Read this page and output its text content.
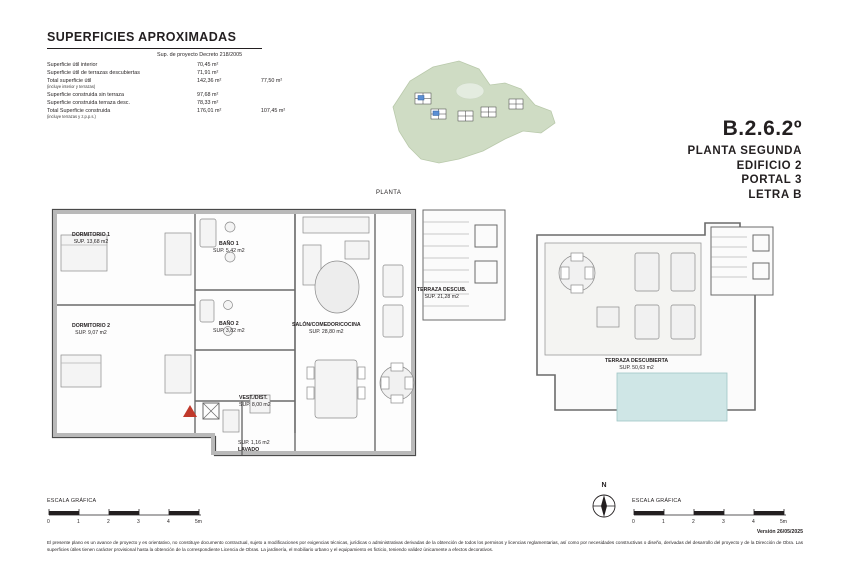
SUPERFICIES APROXIMADAS
Sup. de proyecto Decreto 218/2005
Superficie útil interior	70,45 m²	
Superficie útil de terrazas descubiertas	71,91 m²	
Total superficie útil
(incluye interior y terrazas)	142,36 m²	77,50 m²
Superficie construida sin terraza	97,68 m²	
Superficie construida terraza desc.	78,33 m²	
Total Superficie construida
(incluye terrazas y z.p.p.s.)	176,01 m²	107,45 m²
PLANTA
B.2.6.2º
PLANTA SEGUNDA
EDIFICIO 2
PORTAL 3
LETRA B
DORMITORIO 1
SUP. 13,68 m2
DORMITORIO 2
SUP. 9,07 m2
BAÑO 1
SUP. 5,42 m2
BAÑO 2
SUP. 3,82 m2
SALÓN/COMEDOR/COCINA
SUP. 28,80 m2
VEST./DIST.
SUP. 8,00 m2
SUP. 1,16 m2
LAVADO
TERRAZA DESCUB.
SUP. 21,28 m2
TERRAZA DESCUBIERTA
SUP. 50,63 m2
ESCALA GRÁFICA
0	1	2	3	4	5m
ESCALA GRÁFICA
0	1	2	3	4	5m
N
Versión 26/05/2025
El presente plano es un avance de proyecto y es orientativo, no constituye documento contractual, sujeto a modificaciones por exigencias técnicas, jurídicas o administrativas derivadas de la obtención de todos los permisos y licencias reglamentarias, así como por necesidades constructivas o diseño, derivadas del desarrollo del proyecto y de la Dirección de Obra. Las superficies útiles tienen carácter provisional hasta la obtención de la correspondiente Licencia de Obras. La jardinería, el mobiliario urbano y el equipamiento es ficticio, teniendo validez únicamente a efectos decorativos.
